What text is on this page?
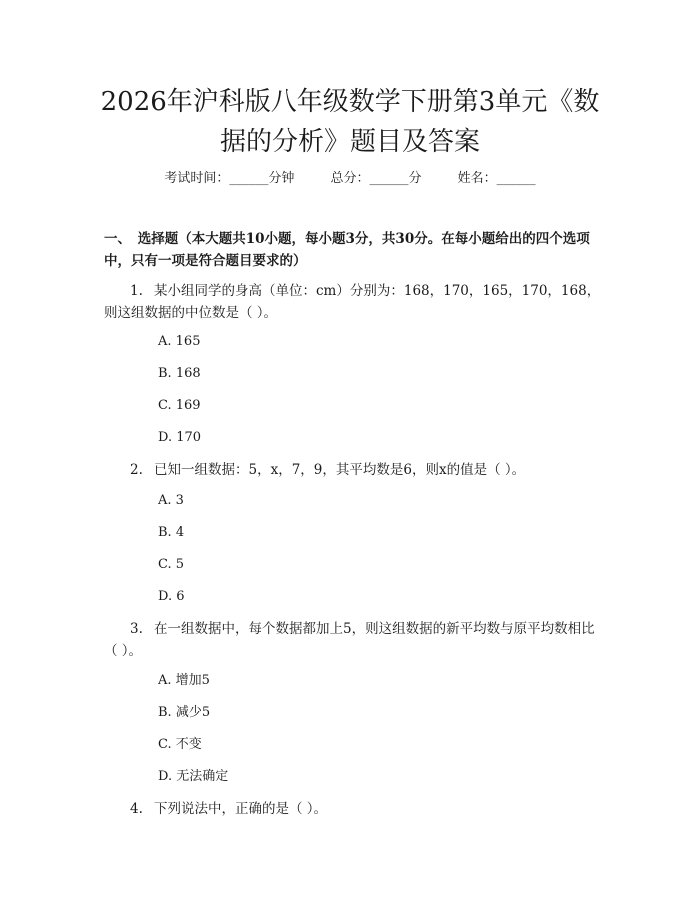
2026年沪科版八年级数学下册第3单元《数据的分析》题目及答案
考试时间：______分钟	总分：______分	姓名：______

一、　选择题（本大题共10小题，每小题3分，共30分。在每小题给出的四个选项中，只有一项是符合题目要求的）

1. 某小组同学的身高（单位：cm）分别为：168，170，165，170，168，则这组数据的中位数是（ ）。

A. 165

B. 168

C. 169

D. 170

2. 已知一组数据：5，x，7，9，其平均数是6，则x的值是（ ）。

A. 3

B. 4

C. 5

D. 6

3. 在一组数据中，每个数据都加上5，则这组数据的新平均数与原平均数相比（ ）。

A. 增加5

B. 减少5

C. 不变

D. 无法确定

4. 下列说法中，正确的是（ ）。
